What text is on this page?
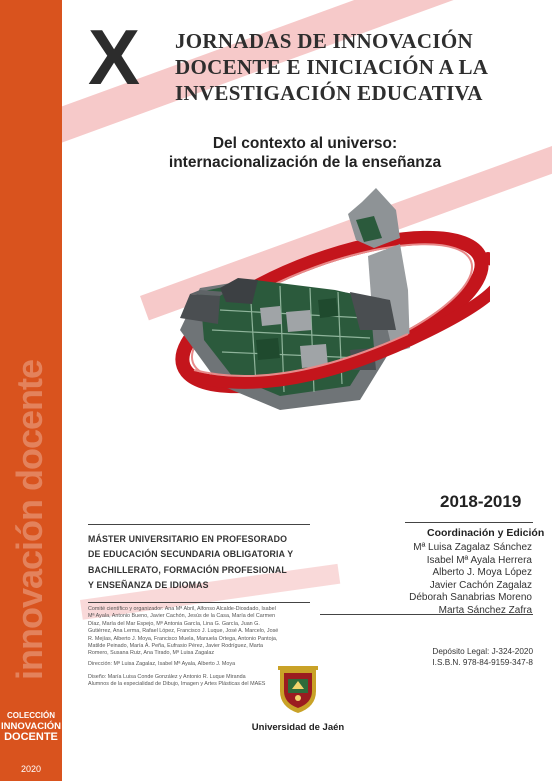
innovación docente
COLECCIÓN
INNOVACIÓN
DOCENTE
2020
X JORNADAS DE INNOVACIÓN
DOCENTE E INICIACIÓN A LA
INVESTIGACIÓN EDUCATIVA
Del contexto al universo:
internacionalización de la enseñanza
2018-2019
Coordinación y Edición
Mª Luisa Zagalaz Sánchez
Isabel Mª Ayala Herrera
Alberto J. Moya López
Javier Cachón Zagalaz
Déborah Sanabrias Moreno
Marta Sánchez Zafra
MÁSTER UNIVERSITARIO EN PROFESORADO
DE EDUCACIÓN SECUNDARIA OBLIGATORIA Y
BACHILLERATO, FORMACIÓN PROFESIONAL
Y ENSEÑANZA DE IDIOMAS
Comité científico y organizador: Ana Mª Abril, Alfonso Alcalde-Diosdado, Isabel
Mª Ayala, Antonio Bueno, Javier Cachón, Jesús de la Casa, María del Carmen
Díaz, María del Mar Espejo, Mª Antonia García, Lina G. García, Juan G.
Gutiérrez, Ana Lerma, Rafael López, Francisco J. Luque, José A. Marcelo, José
R. Mejías, Alberto J. Moya, Francisco Muela, Manuela Ortega, Antonio Pantoja,
Matilde Peinado, María Á. Peña, Eufrasio Pérez, Javier Rodríguez, Marta
Romero, Susana Ruiz, Ana Tirado, Mª Luisa Zagalaz
Dirección: Mª Luisa Zagalaz, Isabel Mª Ayala, Alberto J. Moya
Diseño: María Luisa Conde González y Antonio R. Luque Miranda
Alumnos de la especialidad de Dibujo, Imagen y Artes Plásticas del MAES
Depósito Legal: J-324-2020
I.S.B.N. 978-84-9159-347-8
Universidad de Jaén
